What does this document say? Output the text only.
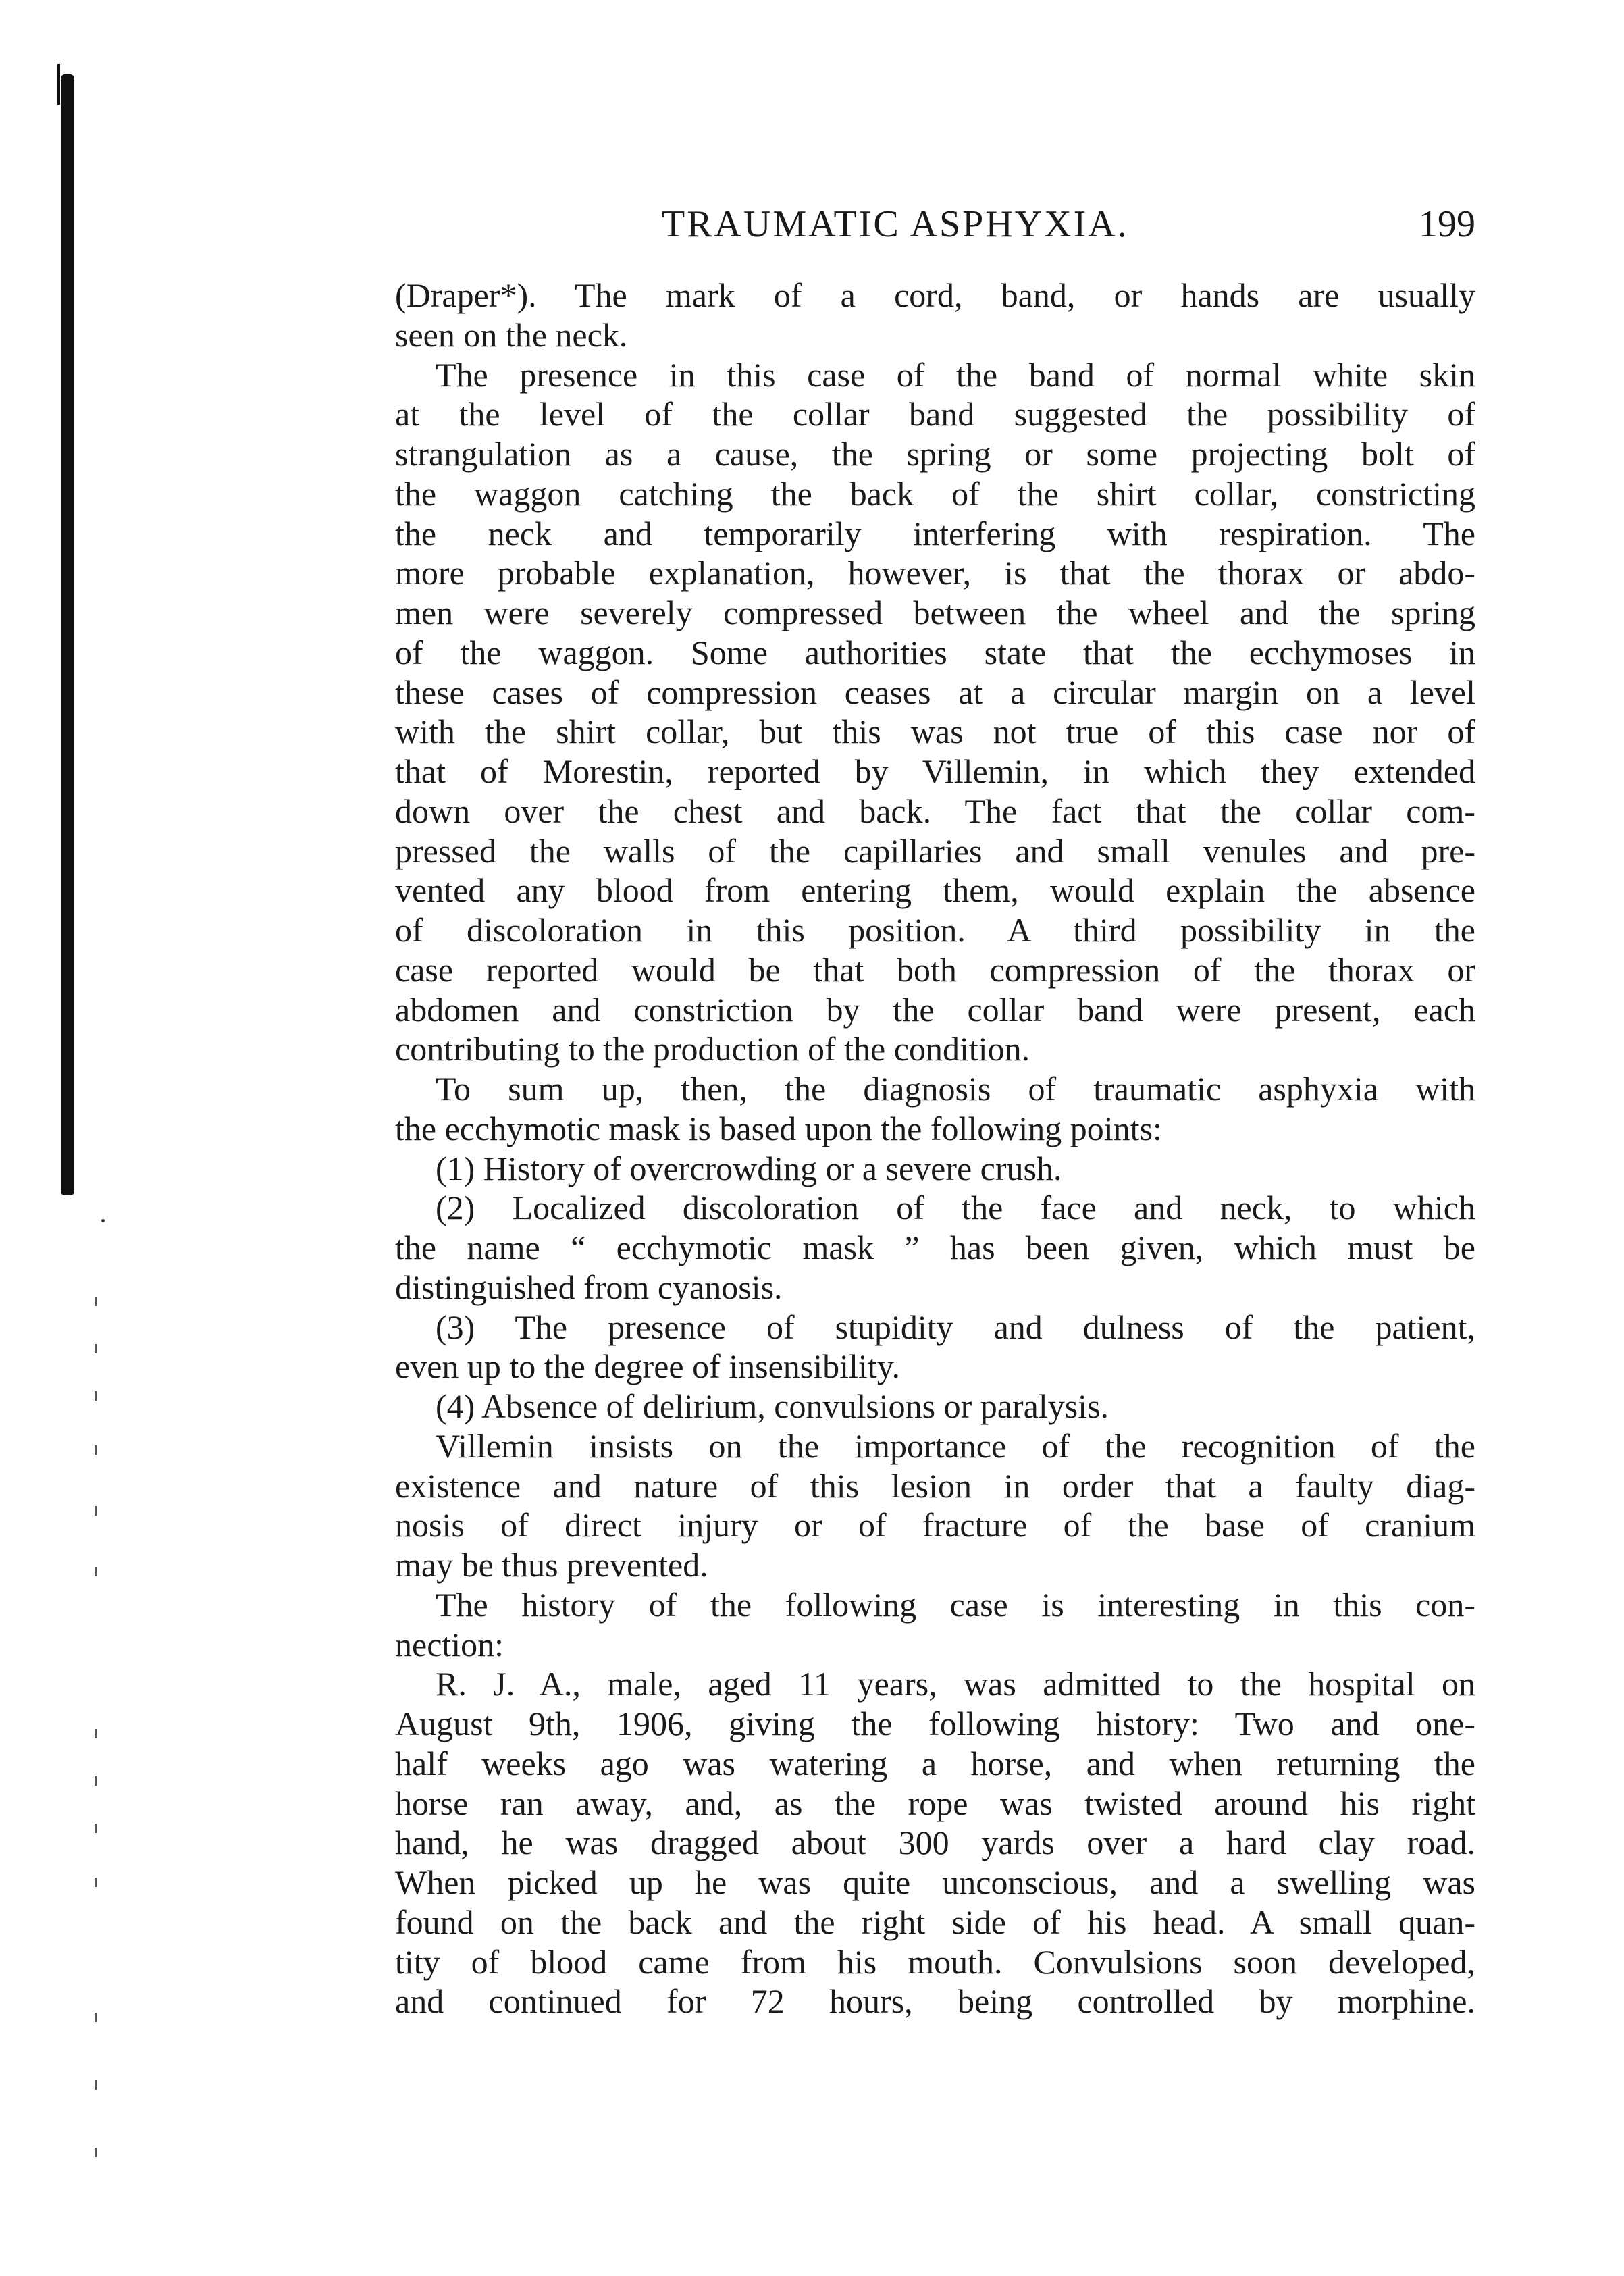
TRAUMATIC ASPHYXIA.	199
(Draper*). The mark of a cord, band, or hands are usually
seen on the neck.
The presence in this case of the band of normal white skin
at the level of the collar band suggested the possibility of
strangulation as a cause, the spring or some projecting bolt of
the waggon catching the back of the shirt collar, constricting
the neck and temporarily interfering with respiration. The
more probable explanation, however, is that the thorax or abdo-
men were severely compressed between the wheel and the spring
of the waggon. Some authorities state that the ecchymoses in
these cases of compression ceases at a circular margin on a level
with the shirt collar, but this was not true of this case nor of
that of Morestin, reported by Villemin, in which they extended
down over the chest and back. The fact that the collar com-
pressed the walls of the capillaries and small venules and pre-
vented any blood from entering them, would explain the absence
of discoloration in this position. A third possibility in the
case reported would be that both compression of the thorax or
abdomen and constriction by the collar band were present, each
contributing to the production of the condition.
To sum up, then, the diagnosis of traumatic asphyxia with
the ecchymotic mask is based upon the following points:
(1) History of overcrowding or a severe crush.
(2) Localized discoloration of the face and neck, to which
the name “ ecchymotic mask ” has been given, which must be
distinguished from cyanosis.
(3) The presence of stupidity and dulness of the patient,
even up to the degree of insensibility.
(4) Absence of delirium, convulsions or paralysis.
Villemin insists on the importance of the recognition of the
existence and nature of this lesion in order that a faulty diag-
nosis of direct injury or of fracture of the base of cranium
may be thus prevented.
The history of the following case is interesting in this con-
nection:
R. J. A., male, aged 11 years, was admitted to the hospital on
August 9th, 1906, giving the following history: Two and one-
half weeks ago was watering a horse, and when returning the
horse ran away, and, as the rope was twisted around his right
hand, he was dragged about 300 yards over a hard clay road.
When picked up he was quite unconscious, and a swelling was
found on the back and the right side of his head. A small quan-
tity of blood came from his mouth. Convulsions soon developed,
and continued for 72 hours, being controlled by morphine.
